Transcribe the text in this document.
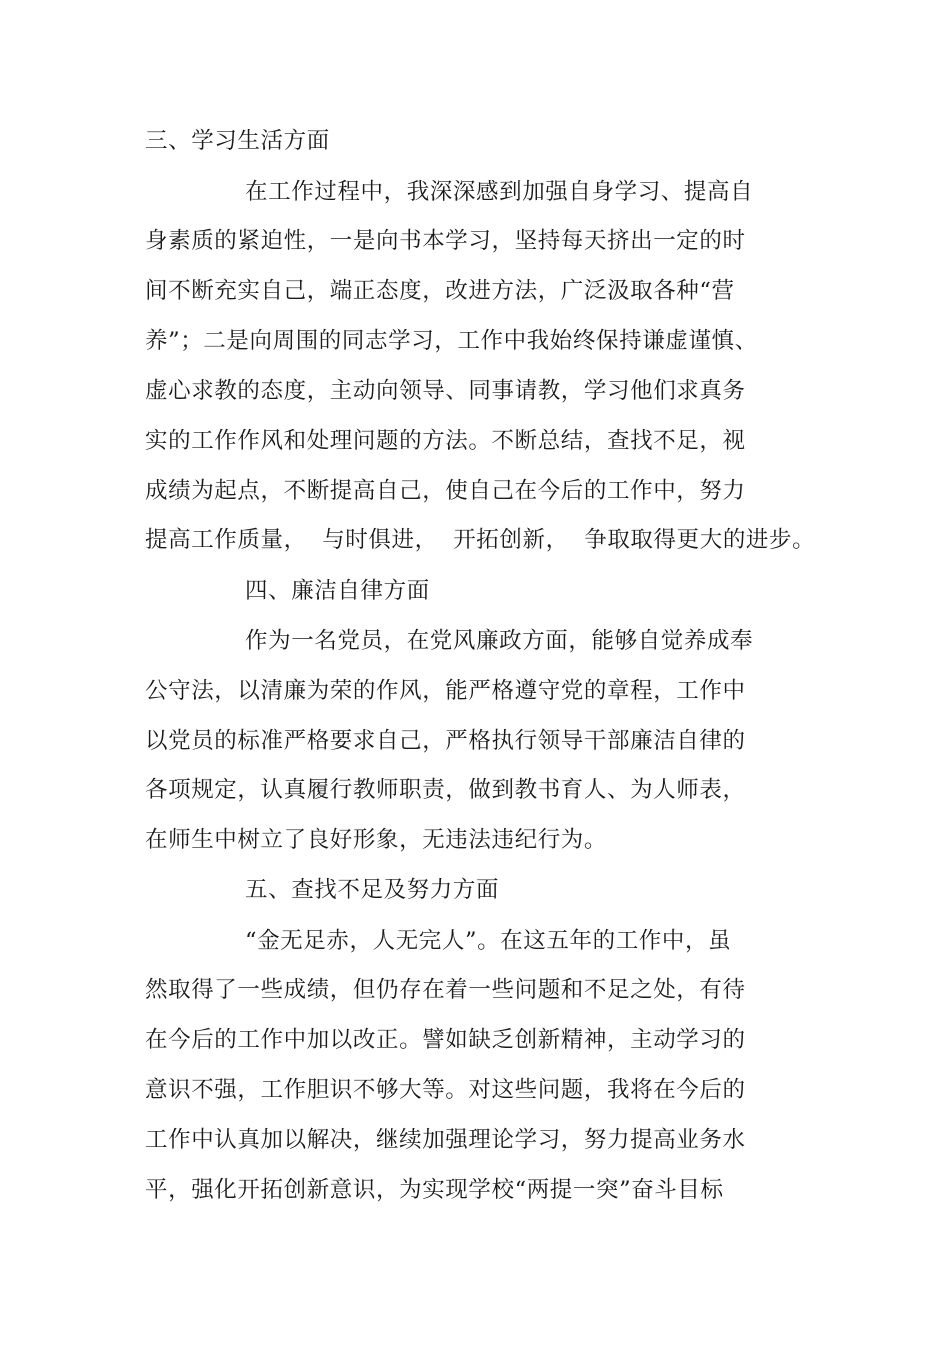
三、学习生活方面
在工作过程中，我深深感到加强自身学习、提高自
身素质的紧迫性，一是向书本学习，坚持每天挤出一定的时
间不断充实自己，端正态度，改进方法，广泛汲取各种“营
养”；二是向周围的同志学习，工作中我始终保持谦虚谨慎、
虚心求教的态度，主动向领导、同事请教，学习他们求真务
实的工作作风和处理问题的方法。不断总结，查找不足，视
成绩为起点，不断提高自己，使自己在今后的工作中，努力
提高工作质量，  与时俱进，  开拓创新，  争取取得更大的进步。
四、廉洁自律方面
作为一名党员，在党风廉政方面，能够自觉养成奉
公守法，以清廉为荣的作风，能严格遵守党的章程，工作中
以党员的标准严格要求自己，严格执行领导干部廉洁自律的
各项规定，认真履行教师职责，做到教书育人、为人师表，
在师生中树立了良好形象，无违法违纪行为。
五、查找不足及努力方面
“金无足赤，人无完人”。在这五年的工作中，虽
然取得了一些成绩，但仍存在着一些问题和不足之处，有待
在今后的工作中加以改正。譬如缺乏创新精神，主动学习的
意识不强，工作胆识不够大等。对这些问题，我将在今后的
工作中认真加以解决，继续加强理论学习，努力提高业务水
平，强化开拓创新意识，为实现学校“两提一突”奋斗目标
